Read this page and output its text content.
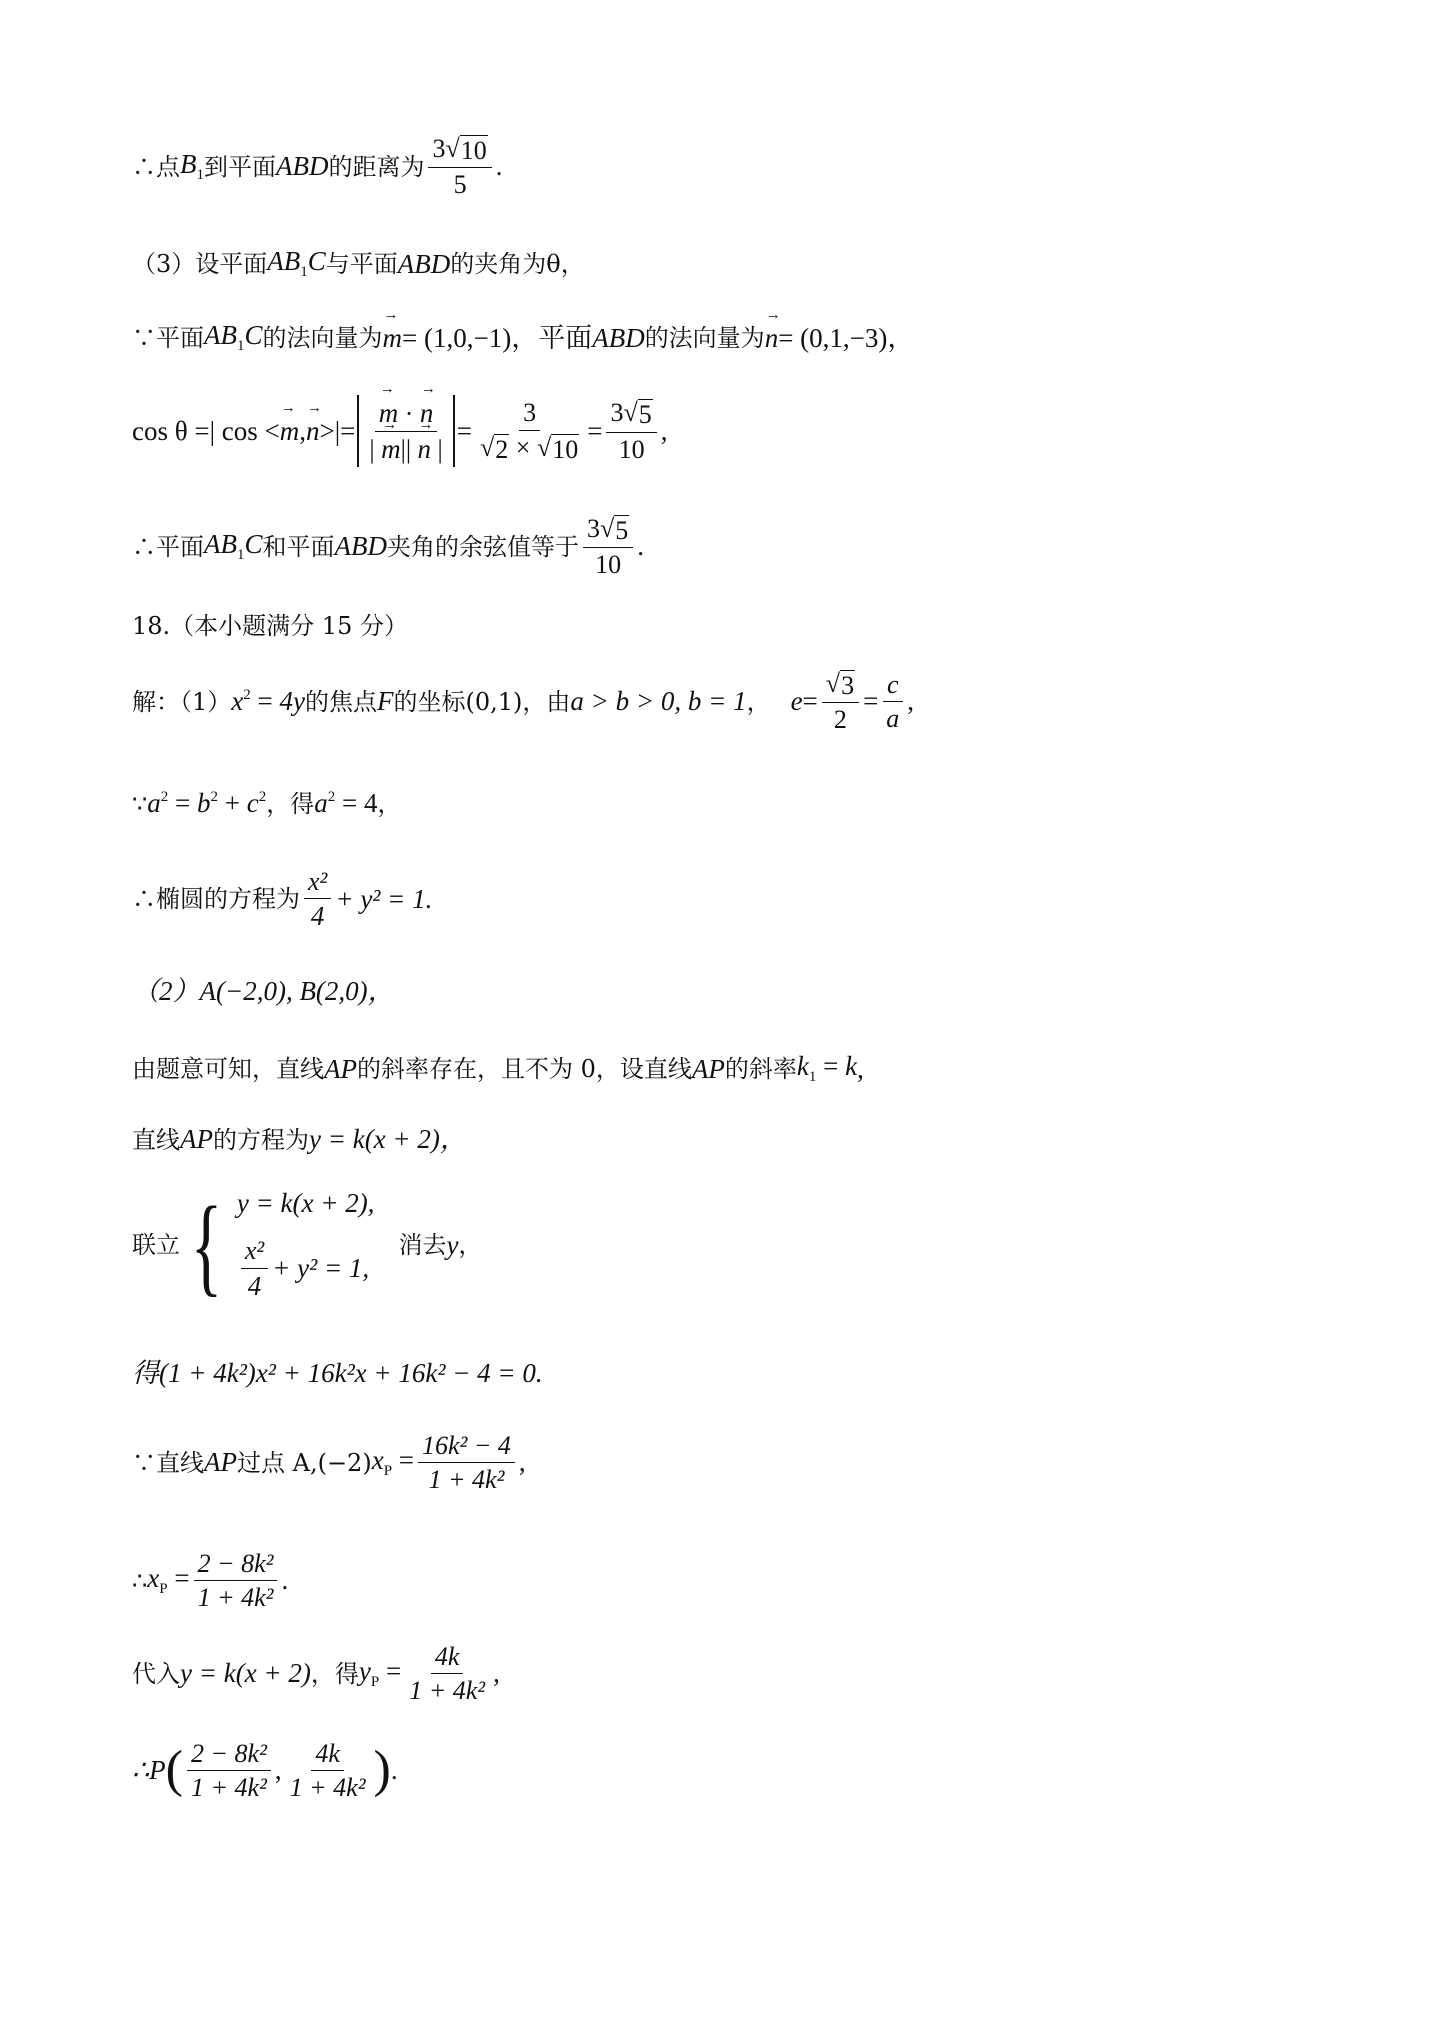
∴点 $B_1$ 到平面 ABD 的距离为 $\frac{3 √ 10}{5}$ .
（3）设平面 $AB_1C$ 与平面 ABD 的夹角为θ，
∵平面 $AB_1C$ 的法向量为 → m = (1,0,−1)，平面 ABD 的法向量为 → n = (0,1,−3)，
cos θ =| cos < → m , → n >|= → $\frac{m \cdot \to n}{| \to m|| \to n |} = \frac{3}{√ 2 \times √ 10} = \frac{3 √ 5}{10}$ ,
∴平面 $AB_1C$ 和平面 ABD 夹角的余弦值等于 $\frac{3 √ 5}{10}$ .
18.（本小题满分 15 分）
解：（1） $x^2 = 4y$ 的焦点 F 的坐标(0,1)，由 a > b > 0, b = 1 ， $e = \frac{√ 3}{2} = \frac{c}{a}$ ,
∵ $a^2 = b^2 + c^2$ ，得 $a^2 = 4$ ，
∴椭圆的方程为 $\frac{\text{x²}}{4} + y^2 = 1$.
（2）A(−2,0), B(2,0)，
由题意可知，直线 AP 的斜率存在，且不为 0，设直线 AP 的斜率 $k_1 = k$ ,
直线 AP 的方程为 y = k(x + 2)，
联立 { y = k(x + 2),
$\frac{\text{x²}}{4} + y^2 = 1$,
消去 y ，
得(1 + 4k²)x² + 16k²x + 16k² − 4 = 0.
∵直线 AP 过点 A,(−2) $x_P = \frac{\text{16k² − 4}}{\text{1 + 4k²}}$ ,
∴ $x_P = \frac{\text{2 − 8k²}}{\text{1 + 4k²}}$ .
代入 y = k(x + 2) ，得 $y_P = \frac{4k}{\text{1 + 4k²}}$ ,
∴P ( $\frac{\text{2 − 8k²}}{\text{1 + 4k²}}$ , $\frac{4k}{\text{1 + 4k²}}$ ) .
